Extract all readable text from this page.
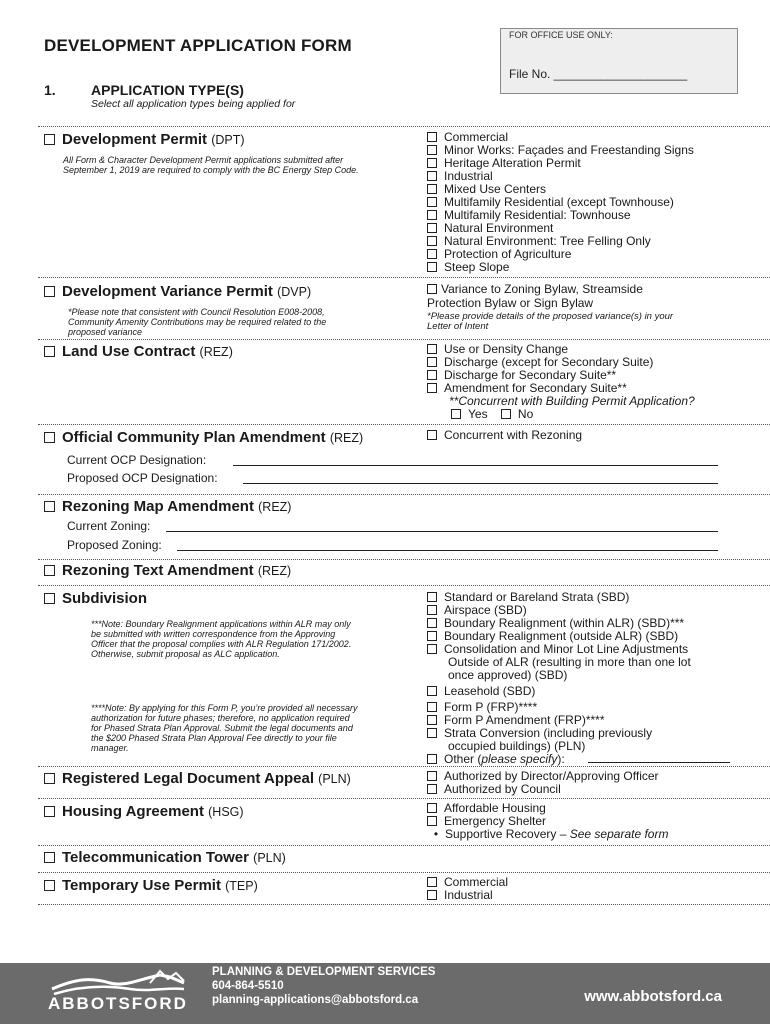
DEVELOPMENT APPLICATION FORM
FOR OFFICE USE ONLY:
File No. ____________________
1.	APPLICATION TYPE(S)
Select all application types being applied for
Development Permit (DPT)
All Form & Character Development Permit applications submitted after
September 1, 2019 are required to comply with the BC Energy Step Code.
Commercial
Minor Works: Façades and Freestanding Signs
Heritage Alteration Permit
Industrial
Mixed Use Centers
Multifamily Residential (except Townhouse)
Multifamily Residential: Townhouse
Natural Environment
Natural Environment: Tree Felling Only
Protection of Agriculture
Steep Slope
Development Variance Permit (DVP)
*Please note that consistent with Council Resolution E008-2008,
Community Amenity Contributions may be required related to the
proposed variance
Variance to Zoning Bylaw, Streamside
Protection Bylaw or Sign Bylaw
*Please provide details of the proposed variance(s) in your
Letter of Intent
Land Use Contract (REZ)	Use or Density Change
Discharge (except for Secondary Suite)
Discharge for Secondary Suite**
Amendment for Secondary Suite**
**Concurrent with Building Permit Application?
Yes	No
Official Community Plan Amendment (REZ)	Concurrent with Rezoning
Current OCP Designation:
Proposed OCP Designation:
Rezoning Map Amendment (REZ)
Current Zoning:
Proposed Zoning:
Rezoning Text Amendment (REZ)
Subdivision
***Note: Boundary Realignment applications within ALR may only
be submitted with written correspondence from the Approving
Officer that the proposal complies with ALR Regulation 171/2002.
Otherwise, submit proposal as ALC application.
****Note: By applying for this Form P, you’re provided all necessary
authorization for future phases; therefore, no application required
for Phased Strata Plan Approval. Submit the legal documents and
the $200 Phased Strata Plan Approval Fee directly to your file
manager.
Standard or Bareland Strata (SBD)
Airspace (SBD)
Boundary Realignment (within ALR) (SBD)***
Boundary Realignment (outside ALR) (SBD)
Consolidation and Minor Lot Line Adjustments
Outside of ALR (resulting in more than one lot
once approved) (SBD)
Leasehold (SBD)
Form P (FRP)****
Form P Amendment (FRP)****
Strata Conversion (including previously
occupied buildings) (PLN)
Other (please specify):
Registered Legal Document Appeal (PLN)	Authorized by Director/Approving Officer
Authorized by Council
Housing Agreement (HSG)	Affordable Housing
Emergency Shelter
• Supportive Recovery – See separate form
Telecommunication Tower (PLN)
Temporary Use Permit (TEP)	Commercial
Industrial
ABBOTSFORD
PLANNING & DEVELOPMENT SERVICES
604-864-5510
planning-applications@abbotsford.ca	www.abbotsford.ca
